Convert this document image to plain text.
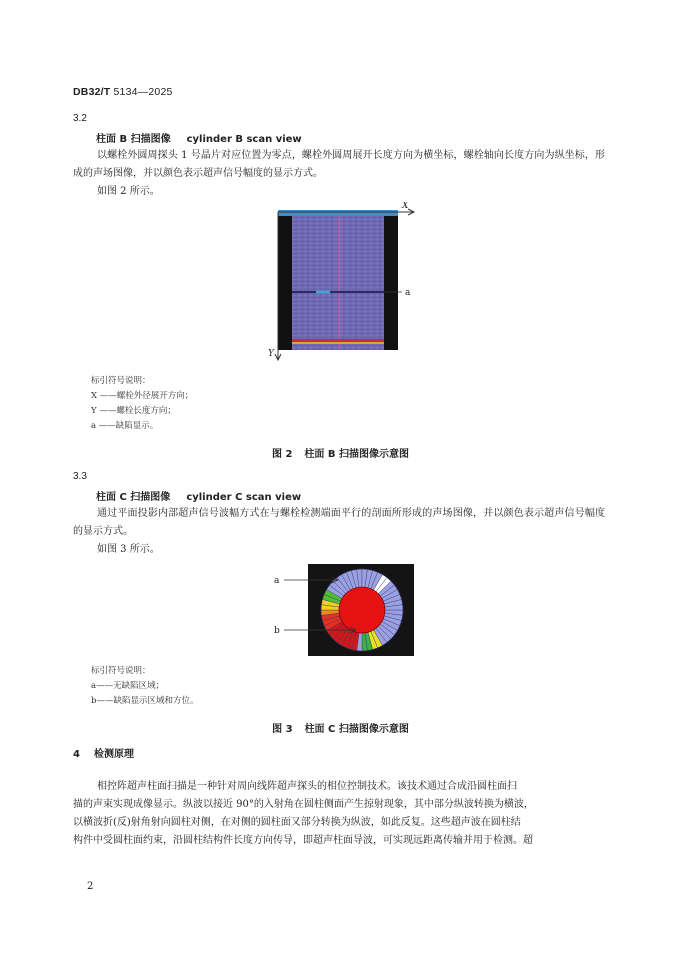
DB32/T 5134—2025
3.2
柱面 B 扫描图像 cylinder B scan view
以螺栓外圆周探头 1 号晶片对应位置为零点，螺栓外圆周展开长度方向为横坐标，螺栓轴向长度方向为纵坐标，形成的声场图像，并以颜色表示超声信号幅度的显示方式。
如图 2 所示。
X
Y
a
标引符号说明：
X ——螺栓外径展开方向；
Y ——螺栓长度方向；
a ——缺陷显示。
图 2 柱面 B 扫描图像示意图
3.3
柱面 C 扫描图像 cylinder C scan view
通过平面投影内部超声信号波幅方式在与螺栓检测端面平行的剖面所形成的声场图像，并以颜色表示超声信号幅度的显示方式。
如图 3 所示。
a
b
标引符号说明：
a——无缺陷区域；
b——缺陷显示区域和方位。
图 3 柱面 C 扫描图像示意图
4 检测原理
相控阵超声柱面扫描是一种针对周向线阵超声探头的相位控制技术。该技术通过合成沿圆柱面扫
描的声束实现成像显示。纵波以接近 90°的入射角在圆柱侧面产生掠射现象，其中部分纵波转换为横波，
以横波折(反)射角射向圆柱对侧，在对侧的圆柱面又部分转换为纵波，如此反复。这些超声波在圆柱结
构件中受圆柱面约束，沿圆柱结构件长度方向传导，即超声柱面导波，可实现远距离传输并用于检测。超
2
